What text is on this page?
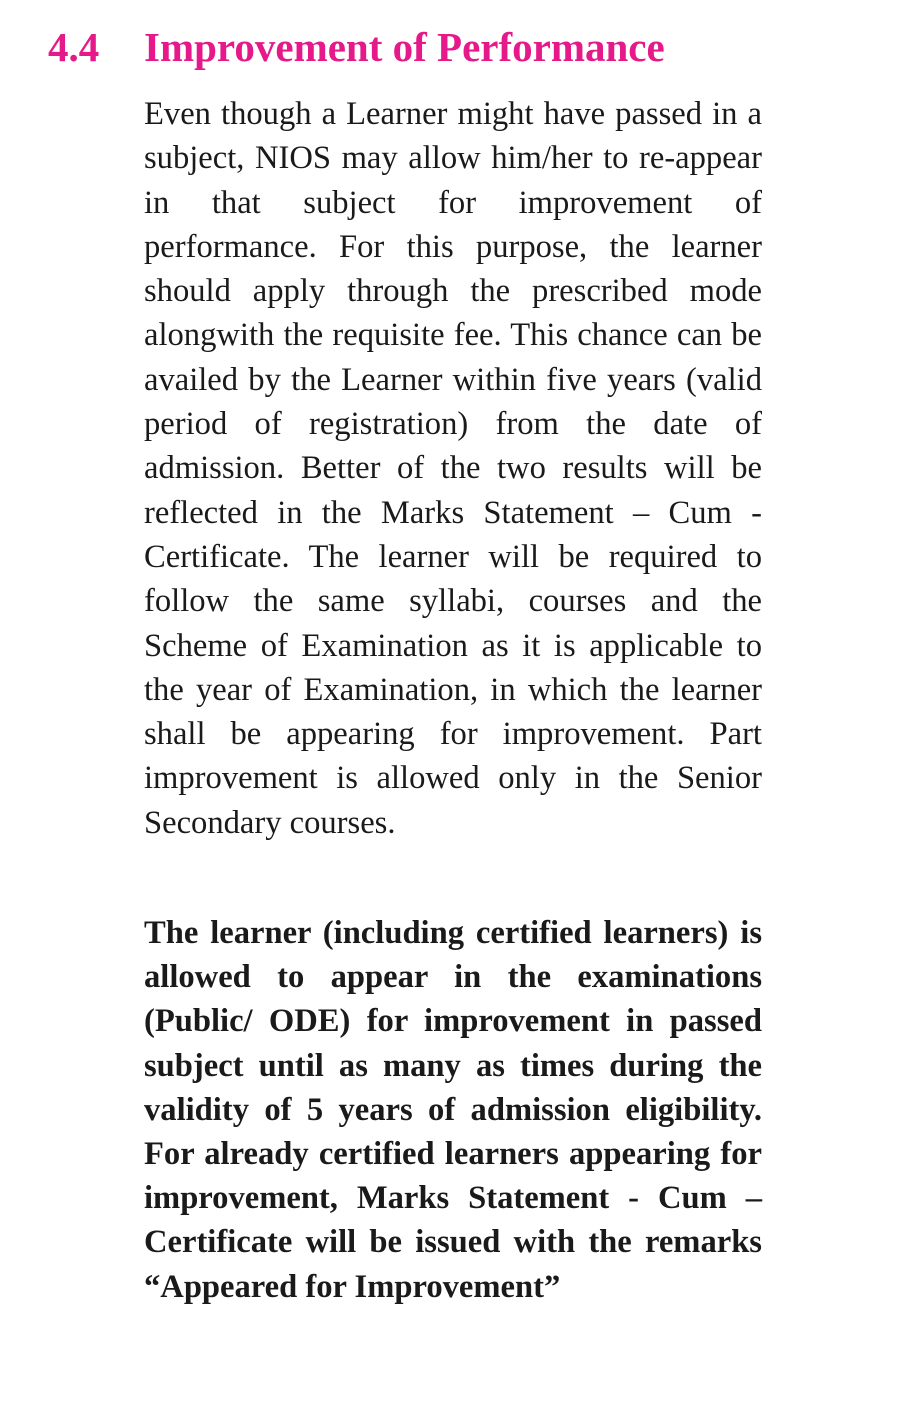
4.4 Improvement of Performance

Even though a Learner might have passed in a subject, NIOS may allow him/her to re-appear in that subject for improvement of performance. For this purpose, the learner should apply through the prescribed mode alongwith the requisite fee. This chance can be availed by the Learner within five years (valid period of registration) from the date of admission. Better of the two results will be reflected in the Marks Statement – Cum - Certificate. The learner will be required to follow the same syllabi, courses and the Scheme of Examination as it is applicable to the year of Examination, in which the learner shall be appearing for improvement. Part improvement is allowed only in the Senior Secondary courses.

The learner (including certified learners) is allowed to appear in the examinations (Public/ ODE) for improvement in passed subject until as many as times during the validity of 5 years of admission eligibility. For already certified learners appearing for improvement, Marks Statement - Cum – Certificate will be issued with the remarks “Appeared for Improvement”
